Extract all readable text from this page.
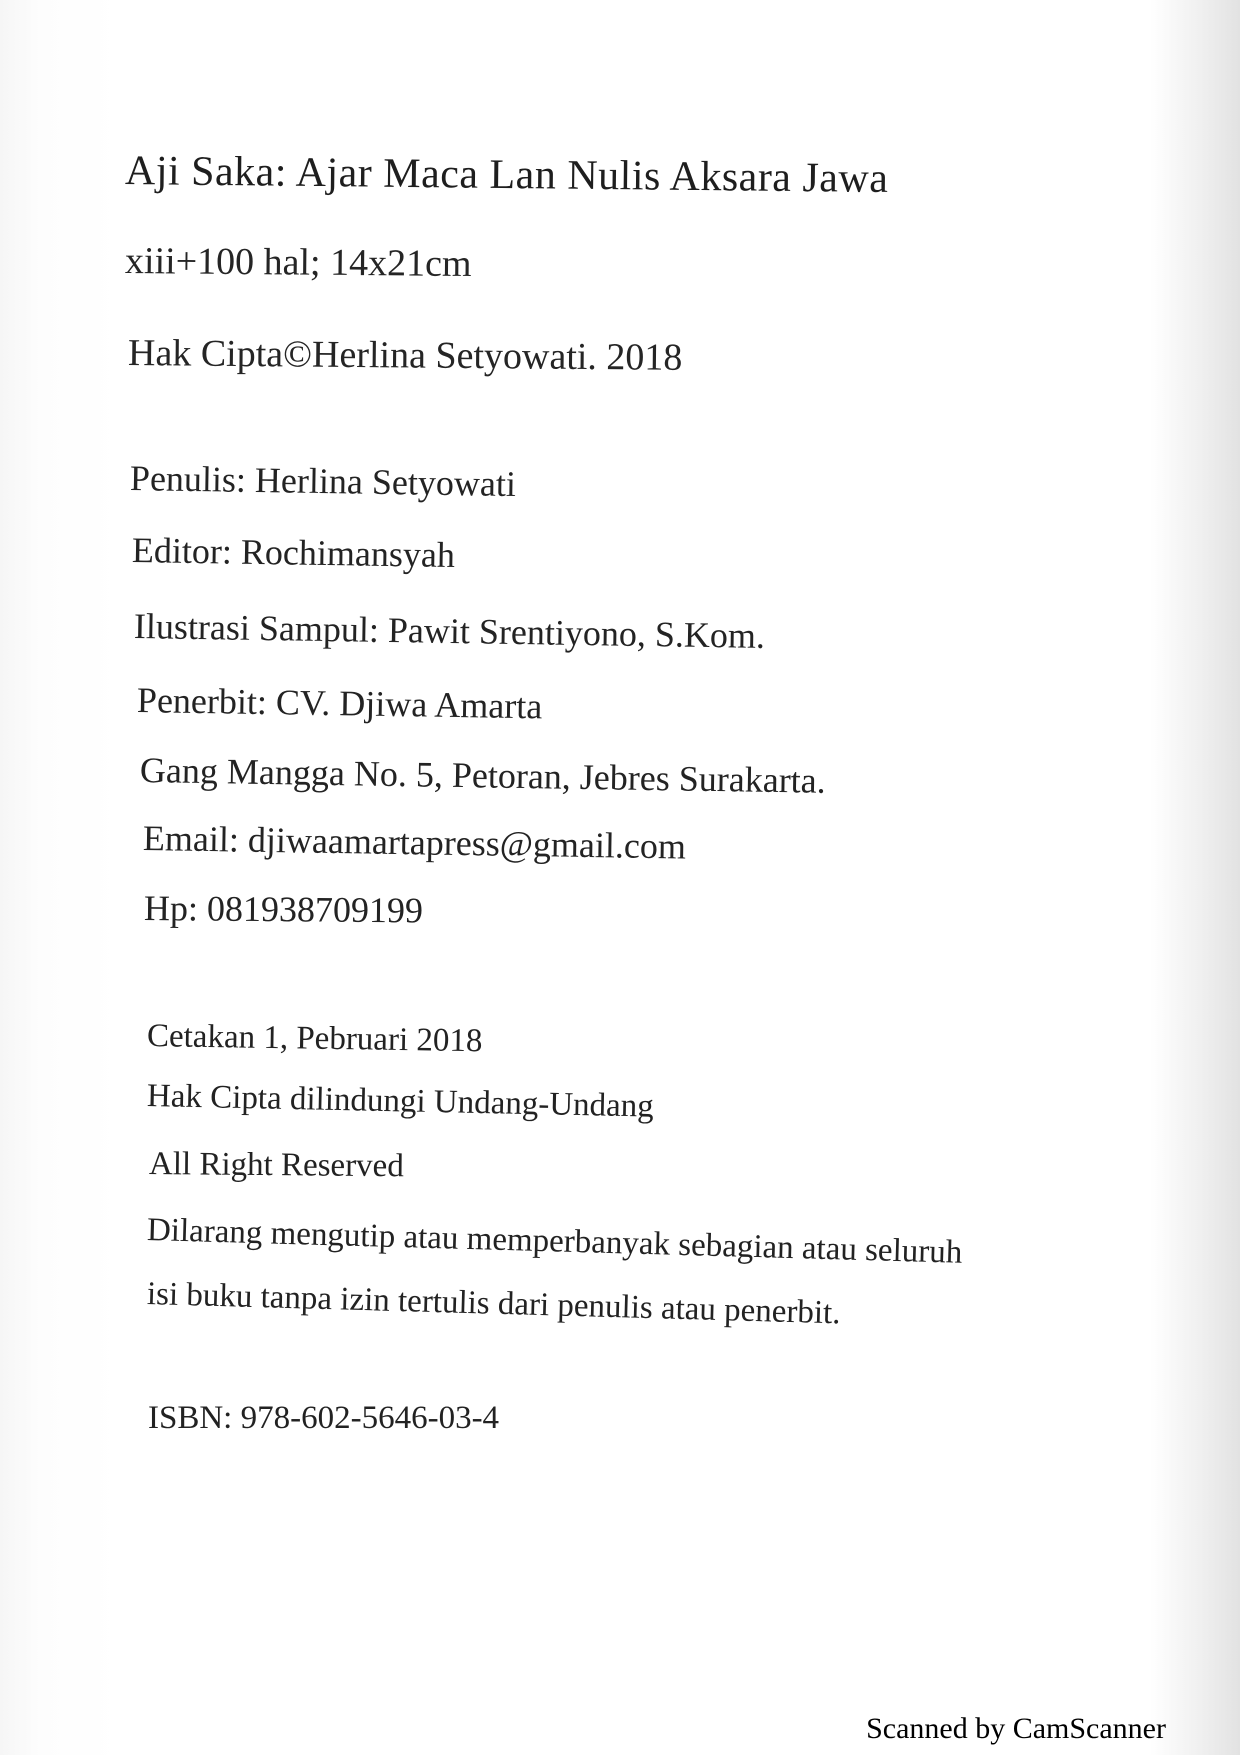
Aji Saka: Ajar Maca Lan Nulis Aksara Jawa

xiii+100 hal; 14x21cm

Hak Cipta©Herlina Setyowati. 2018

Penulis: Herlina Setyowati

Editor: Rochimansyah

Ilustrasi Sampul: Pawit Srentiyono, S.Kom.

Penerbit: CV. Djiwa Amarta

Gang Mangga No. 5, Petoran, Jebres Surakarta.

Email: djiwaamartapress@gmail.com

Hp: 081938709199

Cetakan 1, Pebruari 2018

Hak Cipta dilindungi Undang-Undang

All Right Reserved

Dilarang mengutip atau memperbanyak sebagian atau seluruh

isi buku tanpa izin tertulis dari penulis atau penerbit.

ISBN: 978-602-5646-03-4

Scanned by CamScanner
